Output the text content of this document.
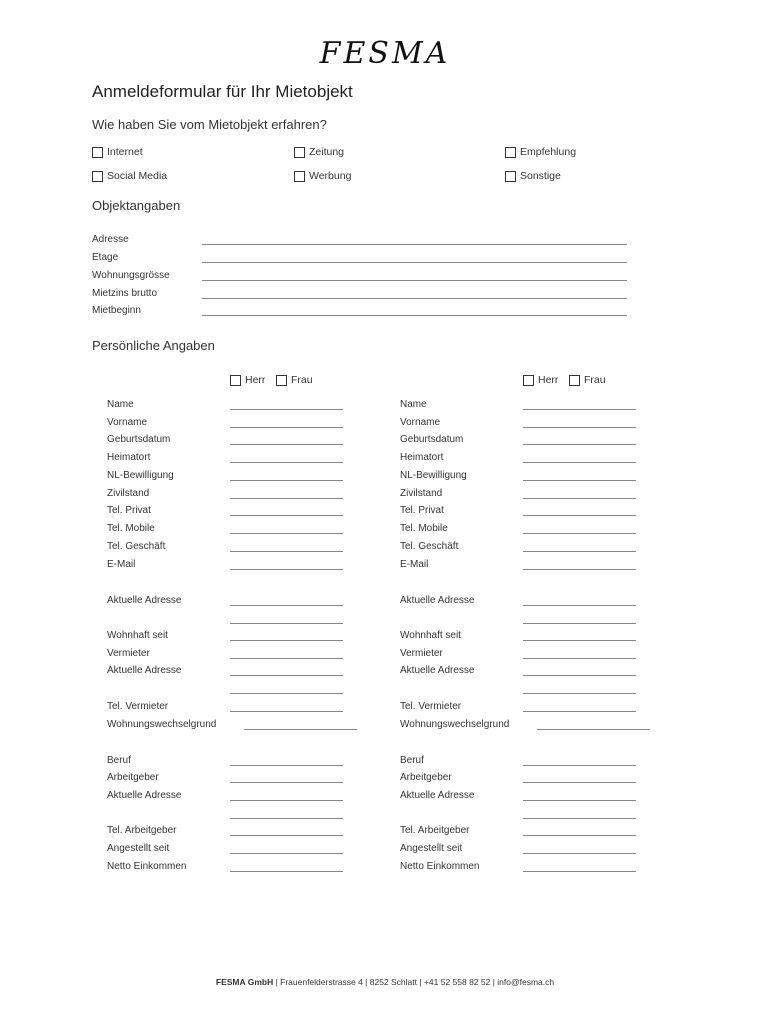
FESMA
Anmeldeformular für Ihr Mietobjekt
Wie haben Sie vom Mietobjekt erfahren?
Internet	Zeitung	Empfehlung
Social Media	Werbung	Sonstige
Objektangaben
Adresse
Etage
Wohnungsgrösse
Mietzins brutto
Mietbeginn
Persönliche Angaben
Herr Frau	Herr Frau
Name
Vorname
Geburtsdatum
Heimatort
NL-Bewilligung
Zivilstand
Tel. Privat
Tel. Mobile
Tel. Geschäft
E-Mail
Aktuelle Adresse
Wohnhaft seit
Vermieter
Aktuelle Adresse
Tel. Vermieter
Wohnungswechselgrund
Beruf
Arbeitgeber
Aktuelle Adresse
Tel. Arbeitgeber
Angestellt seit
Netto Einkommen
Name
Vorname
Geburtsdatum
Heimatort
NL-Bewilligung
Zivilstand
Tel. Privat
Tel. Mobile
Tel. Geschäft
E-Mail
Aktuelle Adresse
Wohnhaft seit
Vermieter
Aktuelle Adresse
Tel. Vermieter
Wohnungswechselgrund
Beruf
Arbeitgeber
Aktuelle Adresse
Tel. Arbeitgeber
Angestellt seit
Netto Einkommen
FESMA GmbH | Frauenfelderstrasse 4 | 8252 Schlatt | +41 52 558 82 52 | info@fesma.ch
